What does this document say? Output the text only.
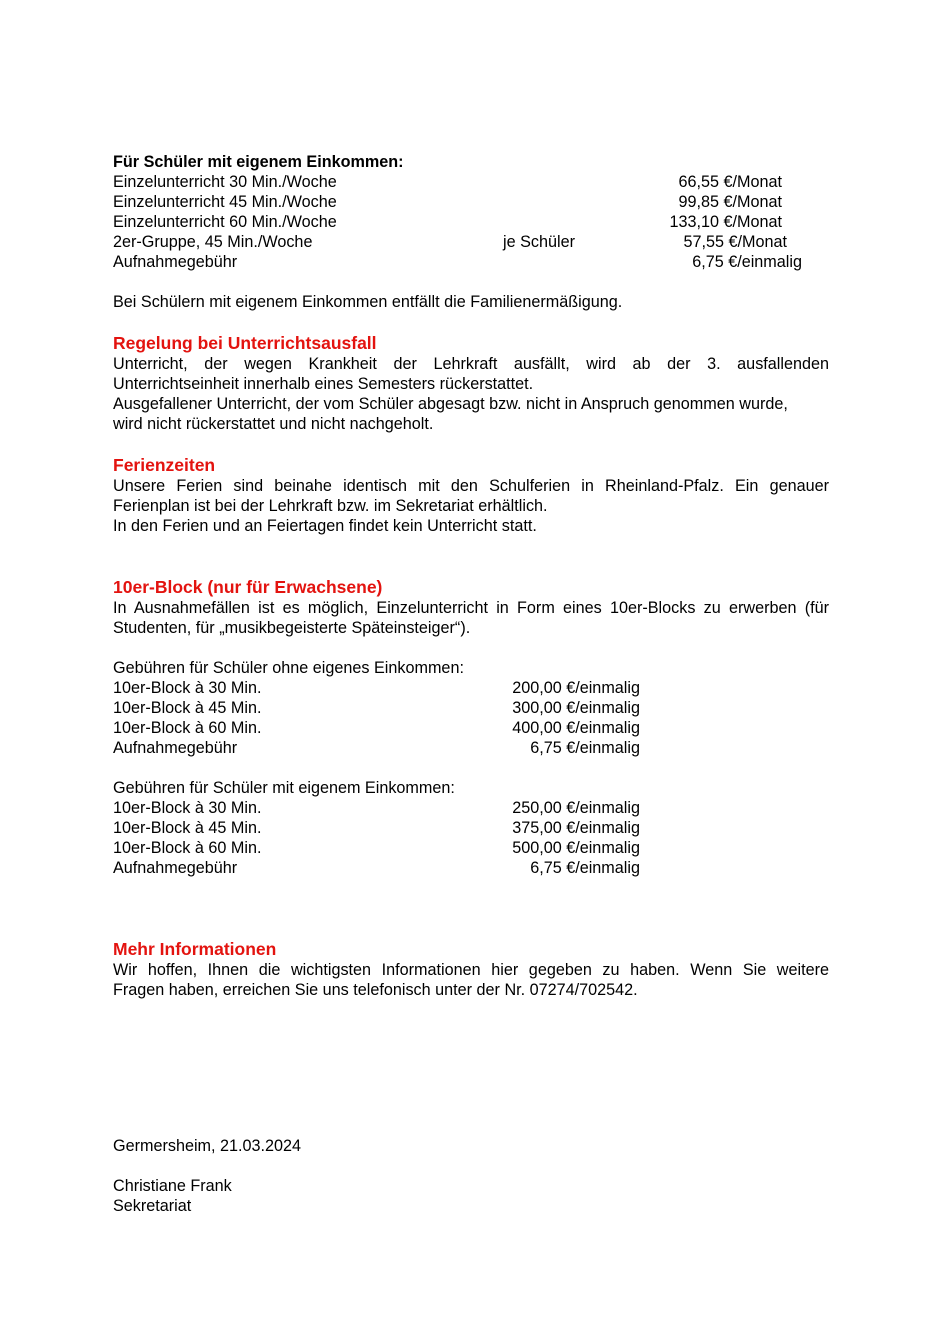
Für Schüler mit eigenem Einkommen:
Einzelunterricht 30 Min./Woche	66,55 €/Monat
Einzelunterricht 45 Min./Woche	99,85 €/Monat
Einzelunterricht 60 Min./Woche	133,10 €/Monat
2er-Gruppe, 45 Min./Woche	je Schüler	57,55 €/Monat
Aufnahmegebühr	6,75 €/einmalig
Bei Schülern mit eigenem Einkommen entfällt die Familienermäßigung.
Regelung bei Unterrichtsausfall
Unterricht, der wegen Krankheit der Lehrkraft ausfällt, wird ab der 3. ausfallenden
Unterrichtseinheit innerhalb eines Semesters rückerstattet.
Ausgefallener Unterricht, der vom Schüler abgesagt bzw. nicht in Anspruch genommen wurde,
wird nicht rückerstattet und nicht nachgeholt.
Ferienzeiten
Unsere Ferien sind beinahe identisch mit den Schulferien in Rheinland-Pfalz. Ein genauer
Ferienplan ist bei der Lehrkraft bzw. im Sekretariat erhältlich.
In den Ferien und an Feiertagen findet kein Unterricht statt.
10er-Block (nur für Erwachsene)
In Ausnahmefällen ist es möglich, Einzelunterricht in Form eines 10er-Blocks zu erwerben (für
Studenten, für „musikbegeisterte Späteinsteiger“).
Gebühren für Schüler ohne eigenes Einkommen:
10er-Block à 30 Min.	200,00 €/einmalig
10er-Block à 45 Min.	300,00 €/einmalig
10er-Block à 60 Min.	400,00 €/einmalig
Aufnahmegebühr	6,75 €/einmalig
Gebühren für Schüler mit eigenem Einkommen:
10er-Block à 30 Min.	250,00 €/einmalig
10er-Block à 45 Min.	375,00 €/einmalig
10er-Block à 60 Min.	500,00 €/einmalig
Aufnahmegebühr	6,75 €/einmalig
Mehr Informationen
Wir hoffen, Ihnen die wichtigsten Informationen hier gegeben zu haben. Wenn Sie weitere
Fragen haben, erreichen Sie uns telefonisch unter der Nr. 07274/702542.
Germersheim, 21.03.2024
Christiane Frank
Sekretariat
